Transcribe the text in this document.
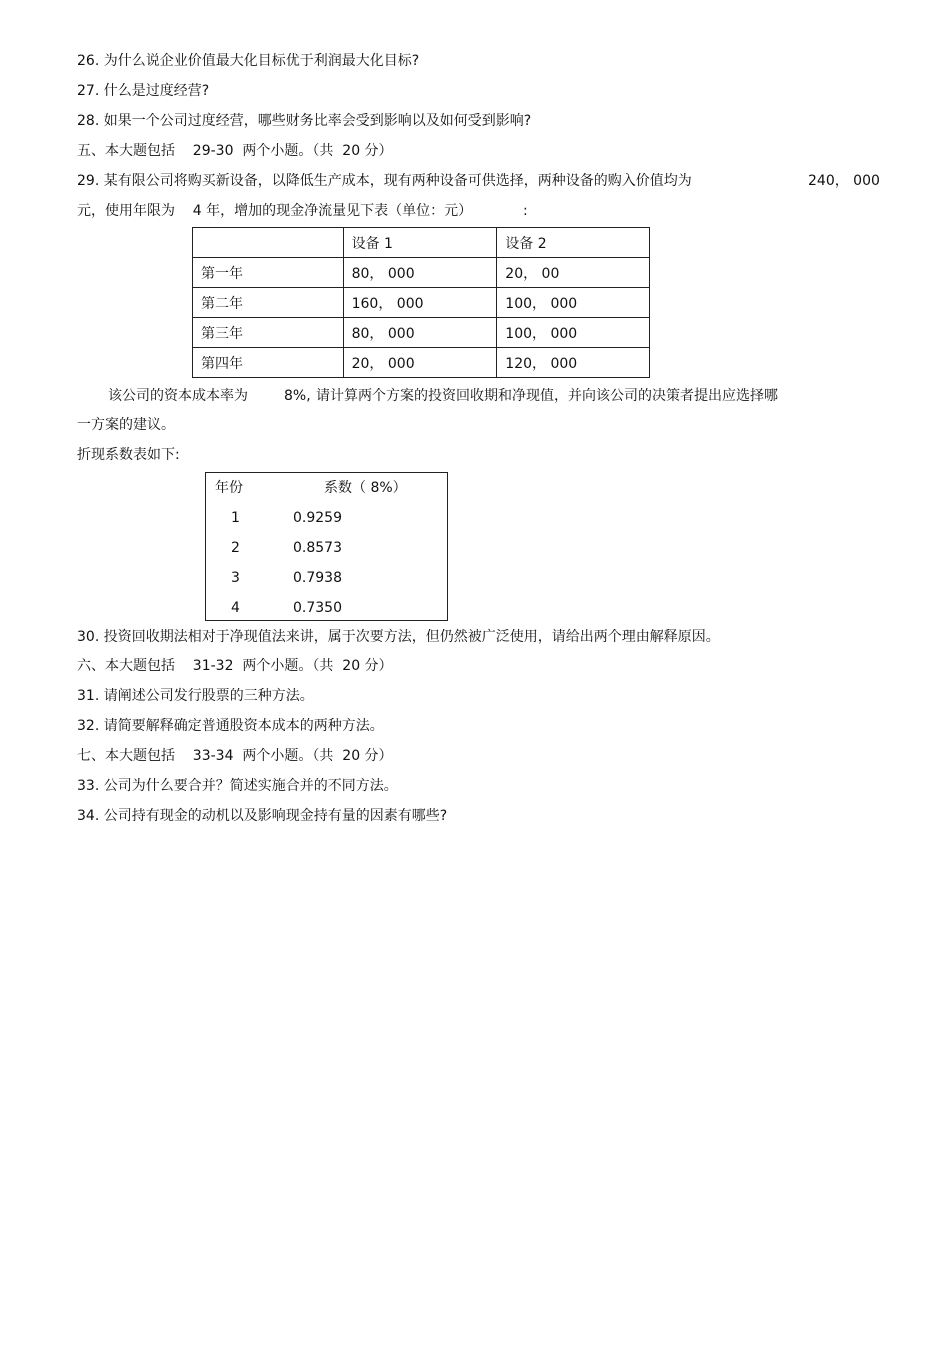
26. 为什么说企业价值最大化目标优于利润最大化目标?
27. 什么是过度经营?
28. 如果一个公司过度经营，哪些财务比率会受到影响以及如何受到影响?
五、本大题包括    29-30  两个小题。（共  20 分）
29. 某有限公司将购买新设备，以降低生产成本，现有两种设备可供选择，两种设备的购入价值均为	240， 000
元，使用年限为    4 年，增加的现金净流量见下表（单位：元）	:
	设备 1	设备 2
第一年	80， 000	20， 00
第二年	160， 000	100， 000
第三年	80， 000	100， 000
第四年	20， 000	120， 000
该公司的资本成本率为	8%, 请计算两个方案的投资回收期和净现值，并向该公司的决策者提出应选择哪
一方案的建议。
折现系数表如下:
年份	系数（ 8%）
1	0.9259
2	0.8573
3	0.7938
4	0.7350
30. 投资回收期法相对于净现值法来讲，属于次要方法，但仍然被广泛使用，请给出两个理由解释原因。
六、本大题包括    31-32  两个小题。（共  20 分）
31. 请阐述公司发行股票的三种方法。
32. 请简要解释确定普通股资本成本的两种方法。
七、本大题包括    33-34  两个小题。（共  20 分）
33. 公司为什么要合并？简述实施合并的不同方法。
34. 公司持有现金的动机以及影响现金持有量的因素有哪些?
